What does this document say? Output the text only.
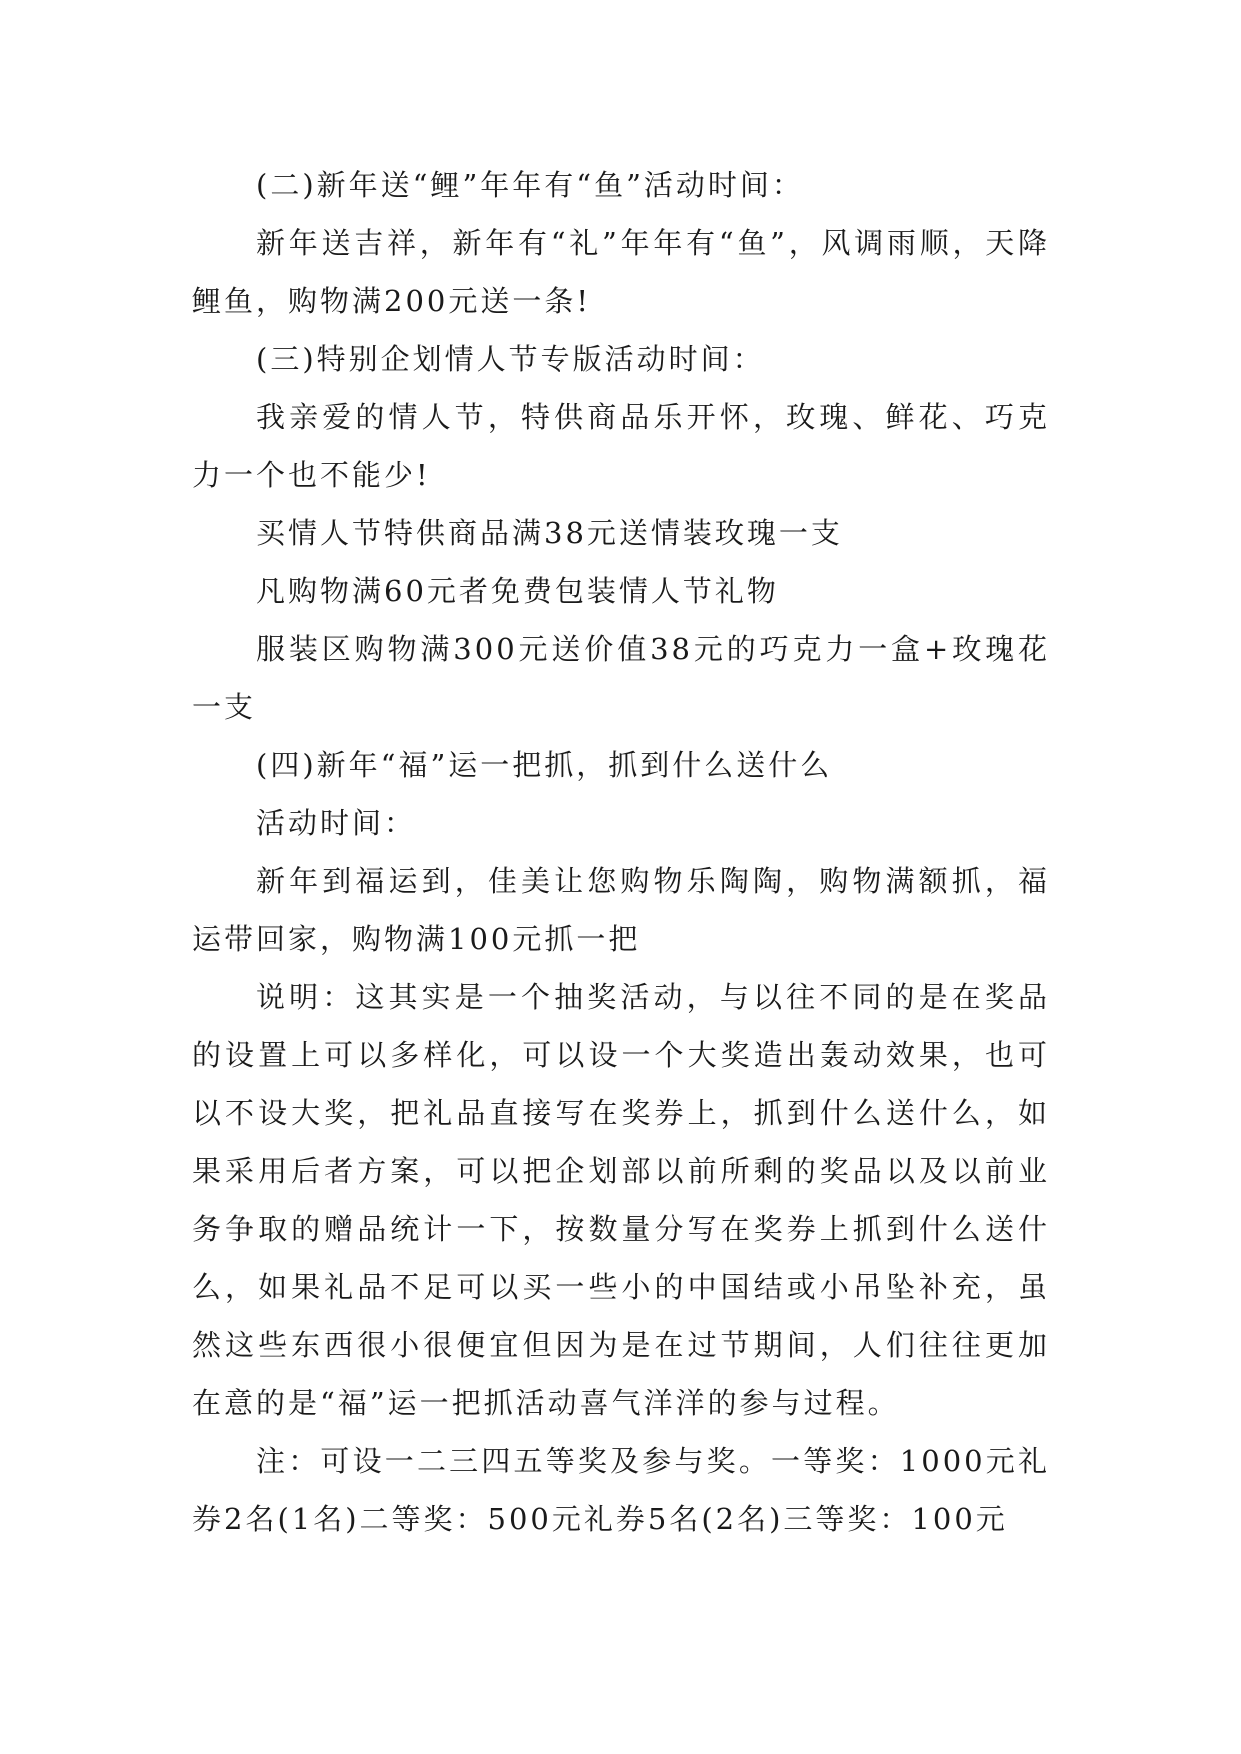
(二)新年送“鲤”年年有“鱼”活动时间：

新年送吉祥，新年有“礼”年年有“鱼”，风调雨顺，天降鲤鱼，购物满200元送一条!

(三)特别企划情人节专版活动时间：

我亲爱的情人节，特供商品乐开怀，玫瑰、鲜花、巧克力一个也不能少!

买情人节特供商品满38元送情装玫瑰一支

凡购物满60元者免费包装情人节礼物

服装区购物满300元送价值38元的巧克力一盒+玫瑰花一支

(四)新年“福”运一把抓，抓到什么送什么

活动时间：

新年到福运到，佳美让您购物乐陶陶，购物满额抓，福运带回家，购物满100元抓一把

说明：这其实是一个抽奖活动，与以往不同的是在奖品的设置上可以多样化，可以设一个大奖造出轰动效果，也可以不设大奖，把礼品直接写在奖券上，抓到什么送什么，如果采用后者方案，可以把企划部以前所剩的奖品以及以前业务争取的赠品统计一下，按数量分写在奖券上抓到什么送什么，如果礼品不足可以买一些小的中国结或小吊坠补充，虽然这些东西很小很便宜但因为是在过节期间，人们往往更加在意的是“福”运一把抓活动喜气洋洋的参与过程。

注：可设一二三四五等奖及参与奖。一等奖：1000元礼券2名(1名)二等奖：500元礼券5名(2名)三等奖：100元
